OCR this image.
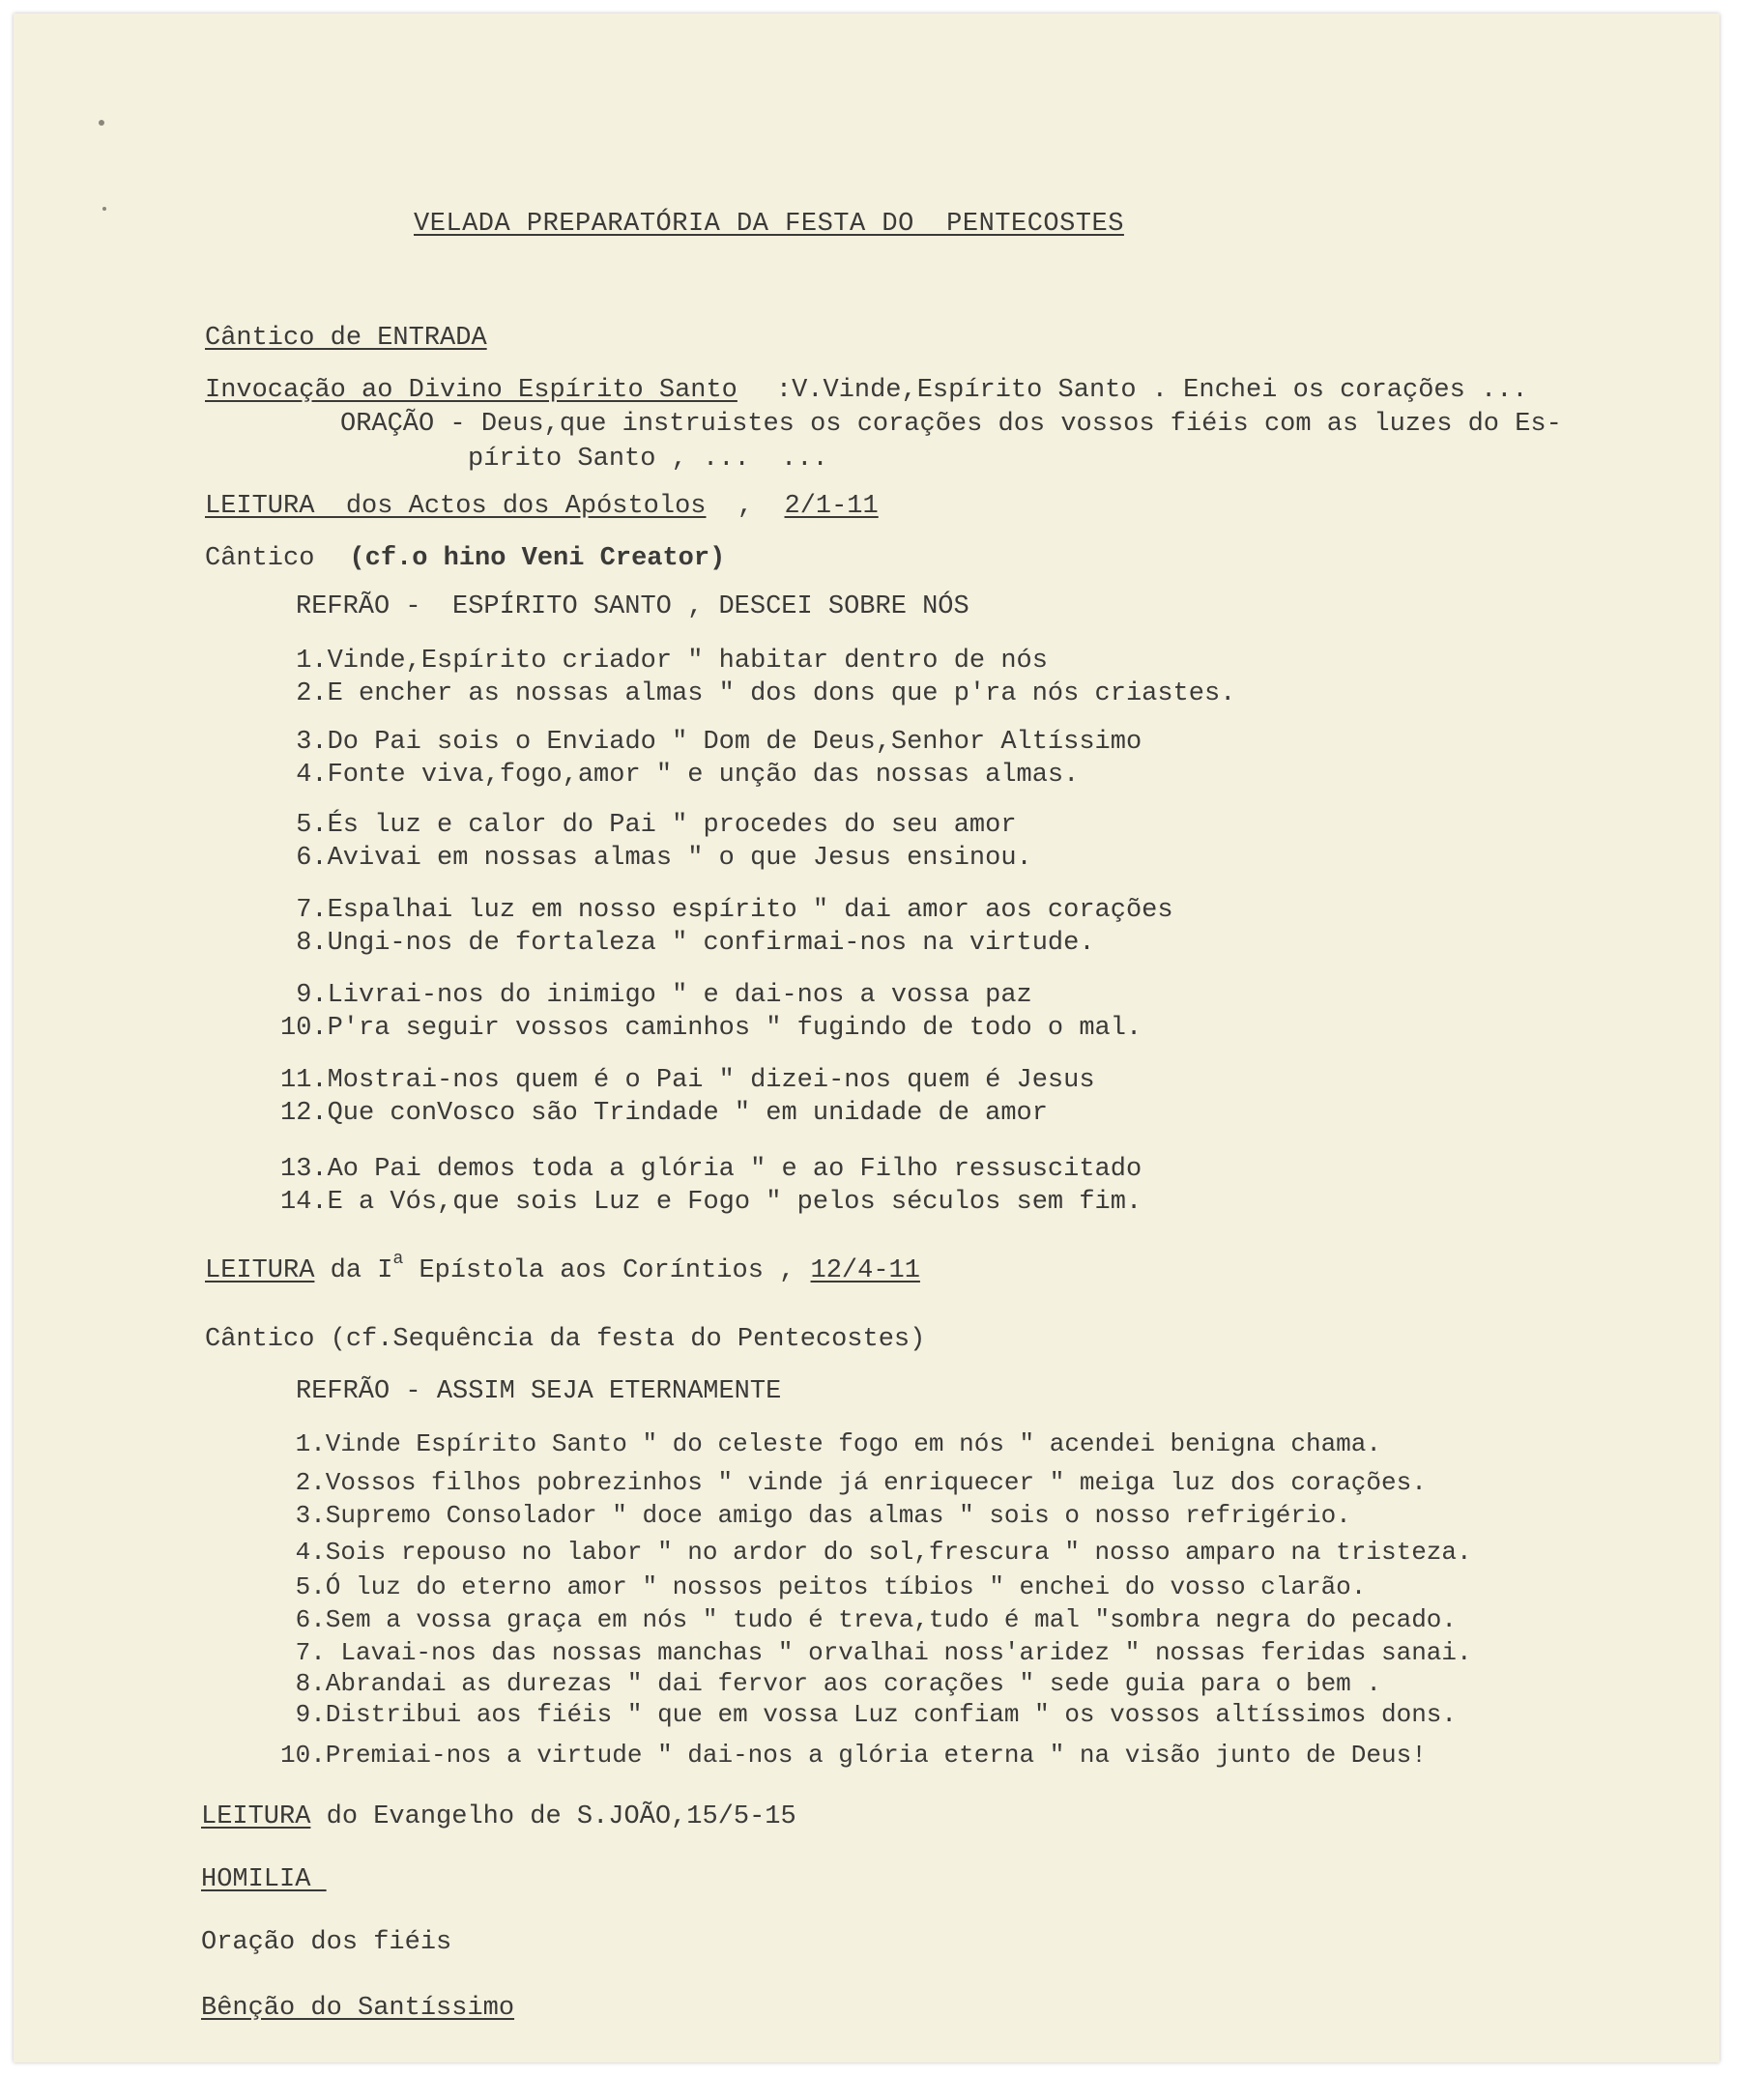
VELADA PREPARATÓRIA DA FESTA DO  PENTECOSTES
Cântico de ENTRADA
Invocação ao Divino Espírito Santo :V.Vinde,Espírito Santo . Enchei os corações ...
ORAÇÃO - Deus,que instruistes os corações dos vossos fiéis com as luzes do Es-
pírito Santo , ...  ...
LEITURA  dos Actos dos Apóstolos  ,  2/1-11
Cântico (cf.o hino Veni Creator)
REFRÃO -  ESPÍRITO SANTO , DESCEI SOBRE NÓS
1.Vinde,Espírito criador " habitar dentro de nós
2.E encher as nossas almas " dos dons que p'ra nós criastes.
3.Do Pai sois o Enviado " Dom de Deus,Senhor Altíssimo
4.Fonte viva,fogo,amor " e unção das nossas almas.
5.És luz e calor do Pai " procedes do seu amor
6.Avivai em nossas almas " o que Jesus ensinou.
7.Espalhai luz em nosso espírito " dai amor aos corações
8.Ungi-nos de fortaleza " confirmai-nos na virtude.
9.Livrai-nos do inimigo " e dai-nos a vossa paz
10.P'ra seguir vossos caminhos " fugindo de todo o mal.
11.Mostrai-nos quem é o Pai " dizei-nos quem é Jesus
12.Que conVosco são Trindade " em unidade de amor
13.Ao Pai demos toda a glória " e ao Filho ressuscitado
14.E a Vós,que sois Luz e Fogo " pelos séculos sem fim.
LEITURA da $I^a$ Epístola aos Coríntios , 12/4-11
Cântico (cf.Sequência da festa do Pentecostes)
REFRÃO - ASSIM SEJA ETERNAMENTE
1.Vinde Espírito Santo " do celeste fogo em nós " acendei benigna chama.
2.Vossos filhos pobrezinhos " vinde já enriquecer " meiga luz dos corações.
3.Supremo Consolador " doce amigo das almas " sois o nosso refrigério.
4.Sois repouso no labor " no ardor do sol,frescura " nosso amparo na tristeza.
5.Ó luz do eterno amor " nossos peitos tíbios " enchei do vosso clarão.
6.Sem a vossa graça em nós " tudo é treva,tudo é mal "sombra negra do pecado.
7. Lavai-nos das nossas manchas " orvalhai noss'aridez " nossas feridas sanai.
8.Abrandai as durezas " dai fervor aos corações " sede guia para o bem .
9.Distribui aos fiéis " que em vossa Luz confiam " os vossos altíssimos dons.
10.Premiai-nos a virtude " dai-nos a glória eterna " na visão junto de Deus!
LEITURA do Evangelho de S.JOÃO,15/5-15
HOMILIA
Oração dos fiéis
Bênção do Santíssimo
